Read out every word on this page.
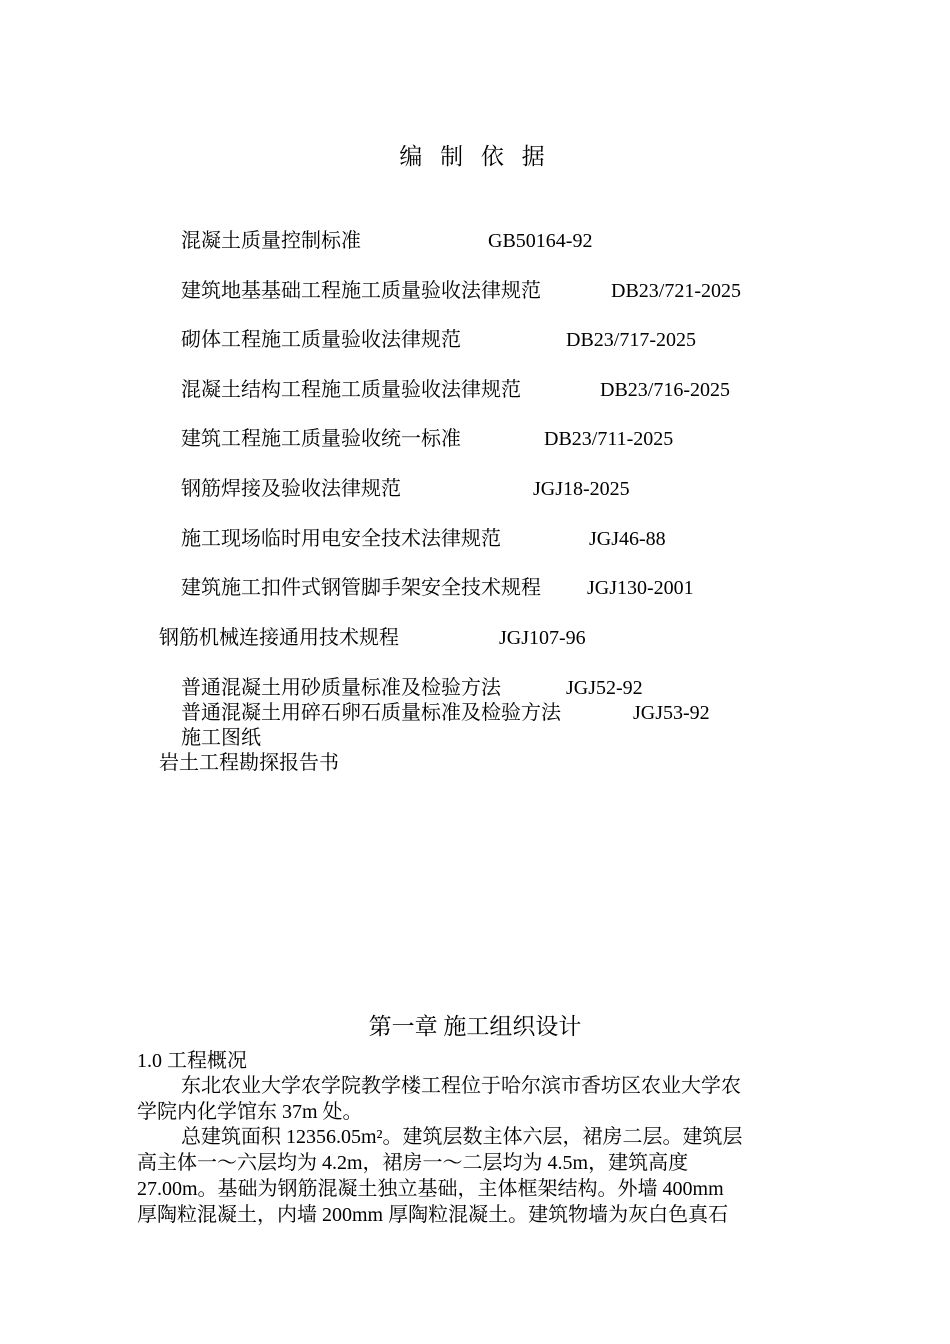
编 制 依 据
混凝土质量控制标准	GB50164-92
建筑地基基础工程施工质量验收法律规范	DB23/721-2025
砌体工程施工质量验收法律规范	DB23/717-2025
混凝土结构工程施工质量验收法律规范	DB23/716-2025
建筑工程施工质量验收统一标准	DB23/711-2025
钢筋焊接及验收法律规范	JGJ18-2025
施工现场临时用电安全技术法律规范	JGJ46-88
建筑施工扣件式钢管脚手架安全技术规程 JGJ130-2001
钢筋机械连接通用技术规程	JGJ107-96
普通混凝土用砂质量标准及检验方法	JGJ52-92
普通混凝土用碎石卵石质量标准及检验方法	JGJ53-92
施工图纸
岩土工程勘探报告书
第一章 施工组织设计
1.0 工程概况
东北农业大学农学院教学楼工程位于哈尔滨市香坊区农业大学农
学院内化学馆东 37m 处。
总建筑面积 12356.05m²。建筑层数主体六层，裙房二层。建筑层
高主体一～六层均为 4.2m，裙房一～二层均为 4.5m，建筑高度
27.00m。基础为钢筋混凝土独立基础，主体框架结构。外墙 400mm
厚陶粒混凝土，内墙 200mm 厚陶粒混凝土。建筑物墙为灰白色真石
